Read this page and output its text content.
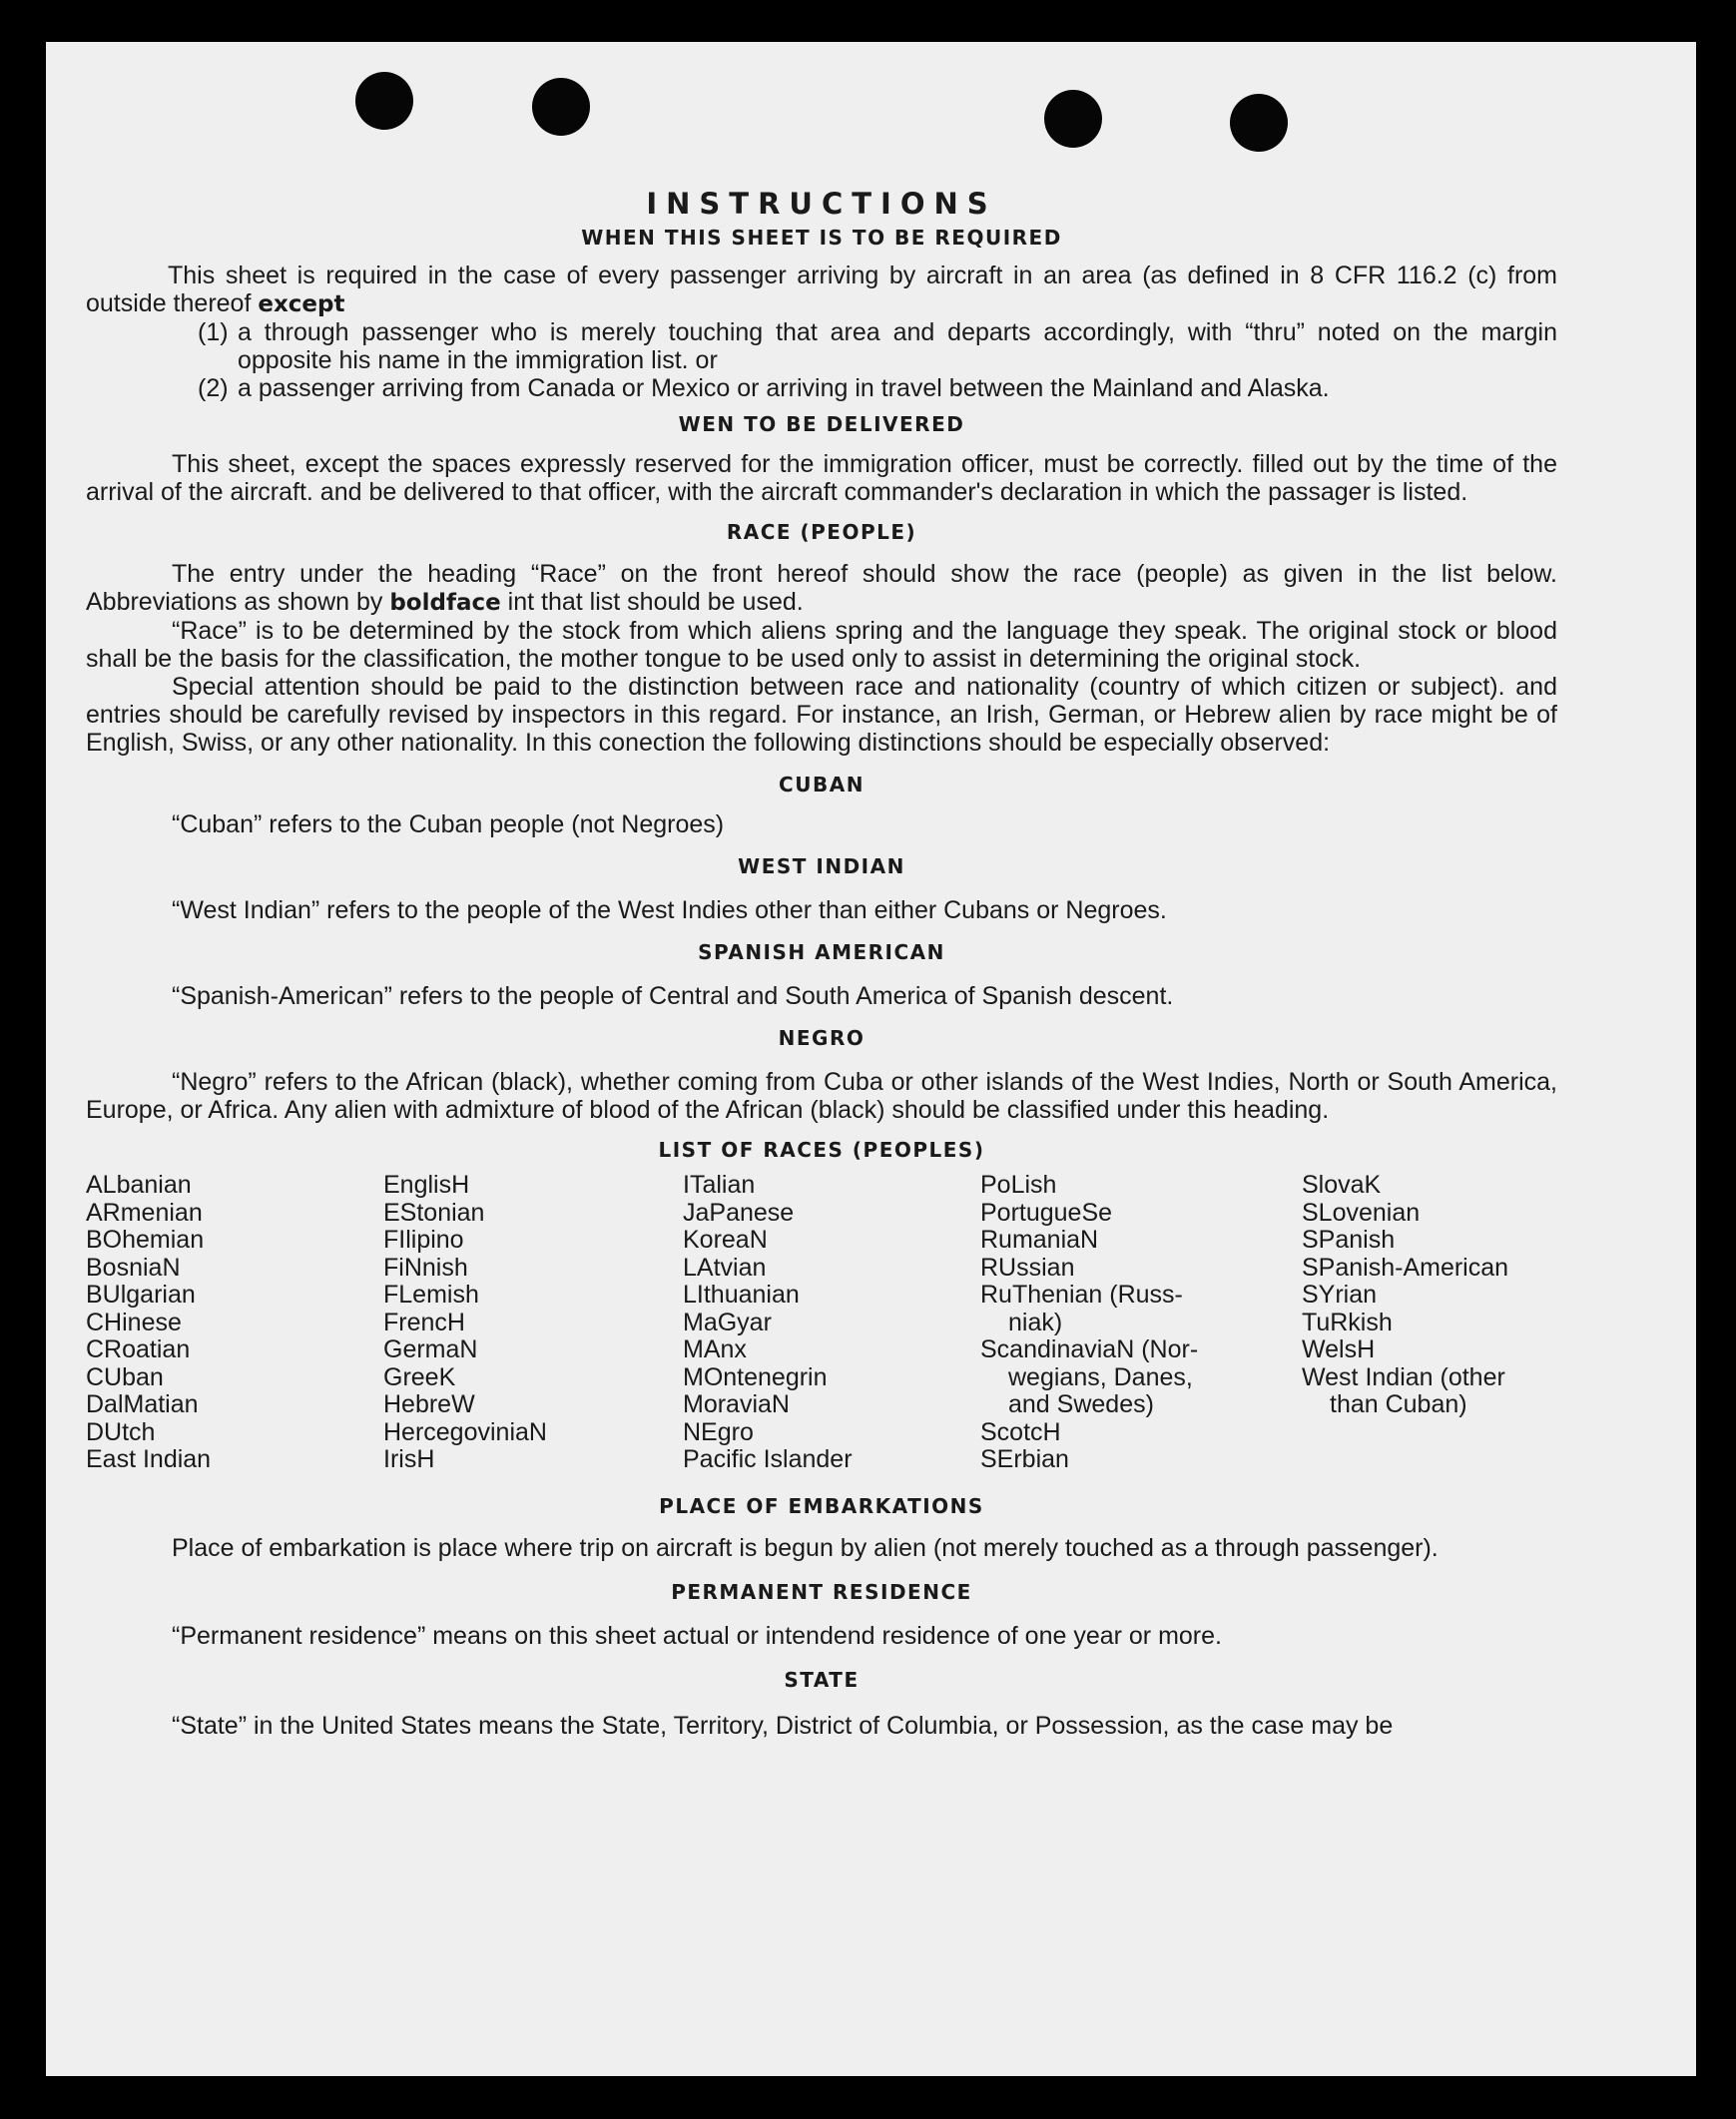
INSTRUCTIONS
WHEN THIS SHEET IS TO BE REQUIRED

This sheet is required in the case of every passenger arriving by aircraft in an area (as defined in 8 CFR 116.2 (c) from outside thereof except

(1) a through passenger who is merely touching that area and departs accordingly, with “thru” noted on the margin opposite his name in the immigration list. or
(2) a passenger arriving from Canada or Mexico or arriving in travel between the Mainland and Alaska.
WEN TO BE DELIVERED

This sheet, except the spaces expressly reserved for the immigration officer, must be correctly. filled out by the time of the arrival of the aircraft. and be delivered to that officer, with the aircraft commander's declaration in which the passager is listed.

RACE (PEOPLE)

The entry under the heading “Race” on the front hereof should show the race (people) as given in the list below. Abbreviations as shown by boldface int that list should be used.

“Race” is to be determined by the stock from which aliens spring and the language they speak. The original stock or blood shall be the basis for the classification, the mother tongue to be used only to assist in determining the original stock.

Special attention should be paid to the distinction between race and nationality (country of which citizen or subject). and entries should be carefully revised by inspectors in this regard. For instance, an Irish, German, or Hebrew alien by race might be of English, Swiss, or any other nationality. In this conection the following distinctions should be especially observed:

CUBAN

“Cuban” refers to the Cuban people (not Negroes)

WEST INDIAN

“West Indian” refers to the people of the West Indies other than either Cubans or Negroes.

SPANISH AMERICAN

“Spanish-American” refers to the people of Central and South America of Spanish descent.

NEGRO

“Negro” refers to the African (black), whether coming from Cuba or other islands of the West Indies, North or South America, Europe, or Africa. Any alien with admixture of blood of the African (black) should be classified under this heading.

LIST OF RACES (PEOPLES)
ALbanian
ARmenian
BOhemian
BosniaN
BUlgarian
CHinese
CRoatian
CUban
DalMatian
DUtch
East Indian
EnglisH
EStonian
FIlipino
FiNnish
FLemish
FrencH
GermaN
GreeK
HebreW
HercegoviniaN
IrisH
ITalian
JaPanese
KoreaN
LAtvian
LIthuanian
MaGyar
MAnx
MOntenegrin
MoraviaN
NEgro
Pacific Islander
PoLish
PortugueSe
RumaniaN
RUssian
RuThenian (Russ-
niak)
ScandinaviaN (Nor-
wegians, Danes,
and Swedes)
ScotcH
SErbian
SlovaK
SLovenian
SPanish
SPanish-American
SYrian
TuRkish
WelsH
West Indian (other
than Cuban)
PLACE OF EMBARKATIONS

Place of embarkation is place where trip on aircraft is begun by alien (not merely touched as a through passenger).

PERMANENT RESIDENCE

“Permanent residence” means on this sheet actual or intendend residence of one year or more.

STATE

“State” in the United States means the State, Territory, District of Columbia, or Possession, as the case may be
